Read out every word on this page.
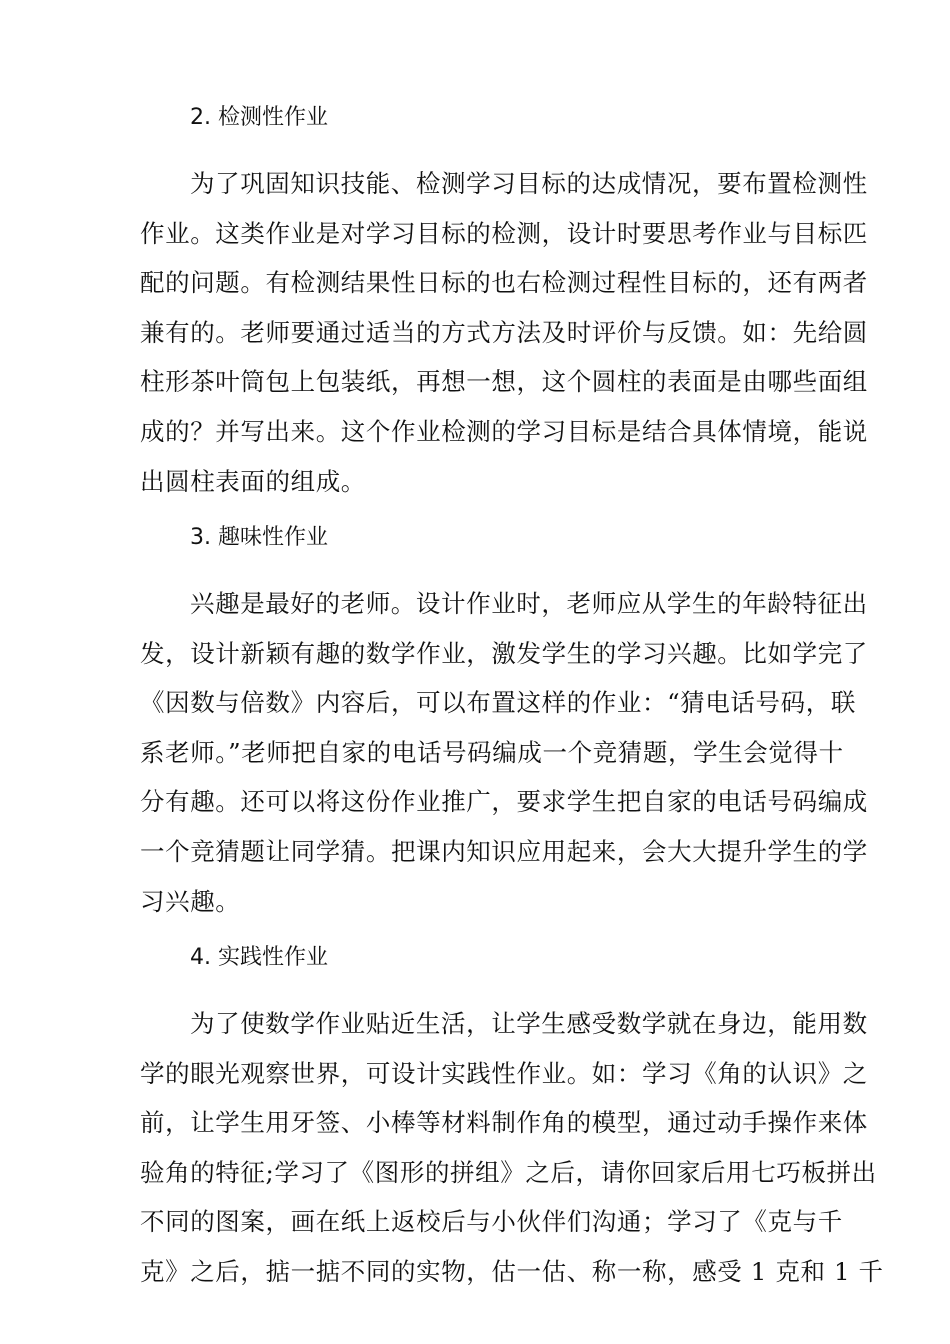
2. 检测性作业
为了巩固知识技能、检测学习目标的达成情况，要布置检测性
作业。这类作业是对学习目标的检测，设计时要思考作业与目标匹
配的问题。有检测结果性日标的也右检测过程性目标的，还有两者
兼有的。老师要通过适当的方式方法及时评价与反馈。如：先给圆
柱形茶叶筒包上包装纸，再想一想，这个圆柱的表面是由哪些面组
成的？并写出来。这个作业检测的学习目标是结合具体情境，能说
出圆柱表面的组成。
3. 趣味性作业
兴趣是最好的老师。设计作业时，老师应从学生的年龄特征出
发，设计新颖有趣的数学作业，激发学生的学习兴趣。比如学完了
《因数与倍数》内容后，可以布置这样的作业：“猜电话号码，联
系老师。”老师把自家的电话号码编成一个竞猜题，学生会觉得十
分有趣。还可以将这份作业推广，要求学生把自家的电话号码编成
一个竞猜题让同学猜。把课内知识应用起来，会大大提升学生的学
习兴趣。
4. 实践性作业
为了使数学作业贴近生活，让学生感受数学就在身边，能用数
学的眼光观察世界，可设计实践性作业。如：学习《角的认识》之
前，让学生用牙签、小棒等材料制作角的模型，通过动手操作来体
验角的特征;学习了《图形的拼组》之后，请你回家后用七巧板拼出
不同的图案，画在纸上返校后与小伙伴们沟通；学习了《克与千
克》之后，掂一掂不同的实物，估一估、称一称，感受 1 克和 1 千
